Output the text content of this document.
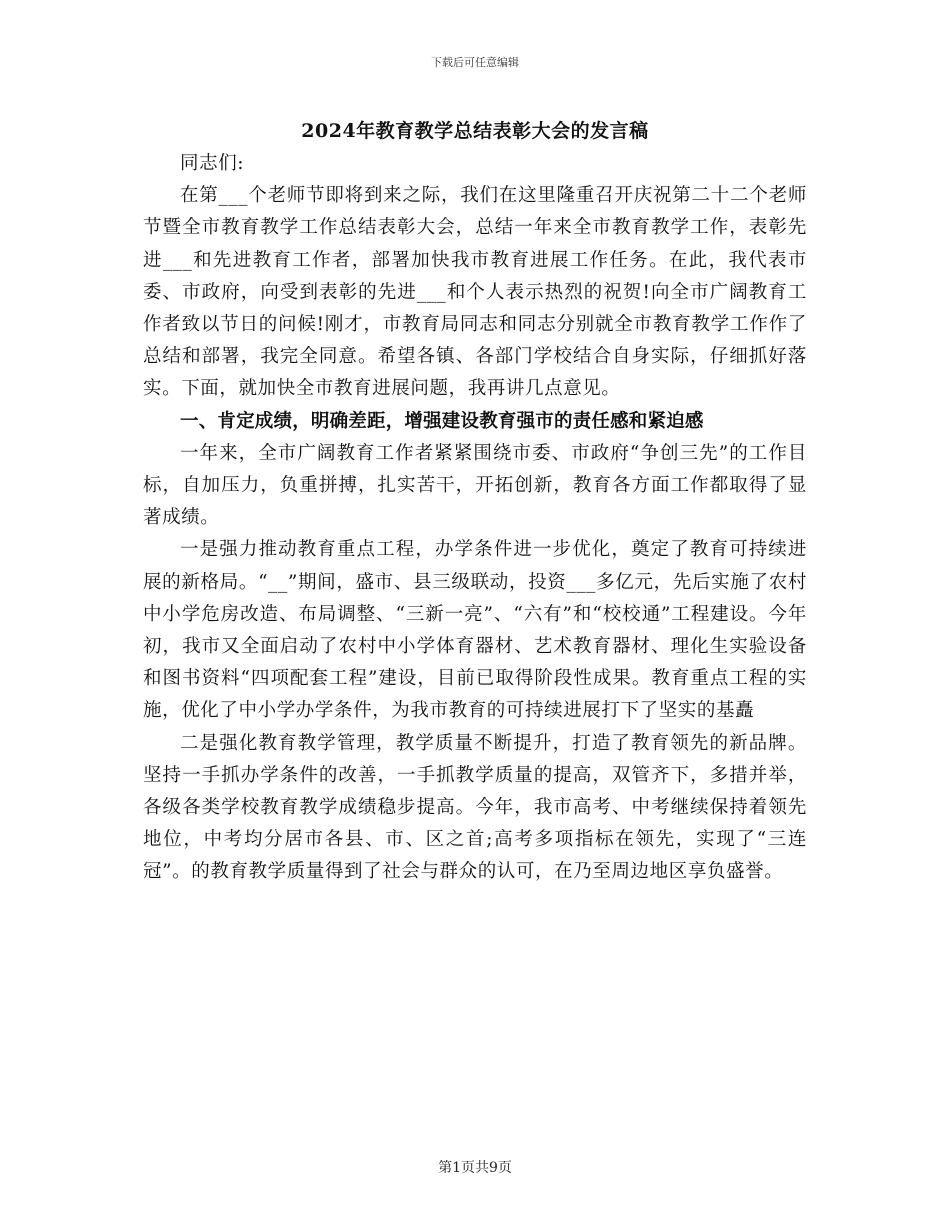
下载后可任意编辑
2024年教育教学总结表彰大会的发言稿

同志们:

在第___个老师节即将到来之际，我们在这里隆重召开庆祝第二十二个老师节暨全市教育教学工作总结表彰大会，总结一年来全市教育教学工作，表彰先进___和先进教育工作者，部署加快我市教育进展工作任务。在此，我代表市委、市政府，向受到表彰的先进___和个人表示热烈的祝贺!向全市广阔教育工作者致以节日的问候!刚才，市教育局同志和同志分别就全市教育教学工作作了总结和部署，我完全同意。希望各镇、各部门学校结合自身实际，仔细抓好落实。下面，就加快全市教育进展问题，我再讲几点意见。

一、肯定成绩，明确差距，增强建设教育强市的责任感和紧迫感

一年来，全市广阔教育工作者紧紧围绕市委、市政府“争创三先”的工作目标，自加压力，负重拼搏，扎实苦干，开拓创新，教育各方面工作都取得了显著成绩。

一是强力推动教育重点工程，办学条件进一步优化，奠定了教育可持续进展的新格局。“__”期间，盛市、县三级联动，投资___多亿元，先后实施了农村中小学危房改造、布局调整、“三新一亮”、“六有”和“校校通”工程建设。今年初，我市又全面启动了农村中小学体育器材、艺术教育器材、理化生实验设备和图书资料“四项配套工程”建设，目前已取得阶段性成果。教育重点工程的实施，优化了中小学办学条件，为我市教育的可持续进展打下了坚实的基矗

二是强化教育教学管理，教学质量不断提升，打造了教育领先的新品牌。坚持一手抓办学条件的改善，一手抓教学质量的提高，双管齐下，多措并举，各级各类学校教育教学成绩稳步提高。今年，我市高考、中考继续保持着领先地位，中考均分居市各县、市、区之首;高考多项指标在领先，实现了“三连冠”。的教育教学质量得到了社会与群众的认可，在乃至周边地区享负盛誉。

第1页共9页
